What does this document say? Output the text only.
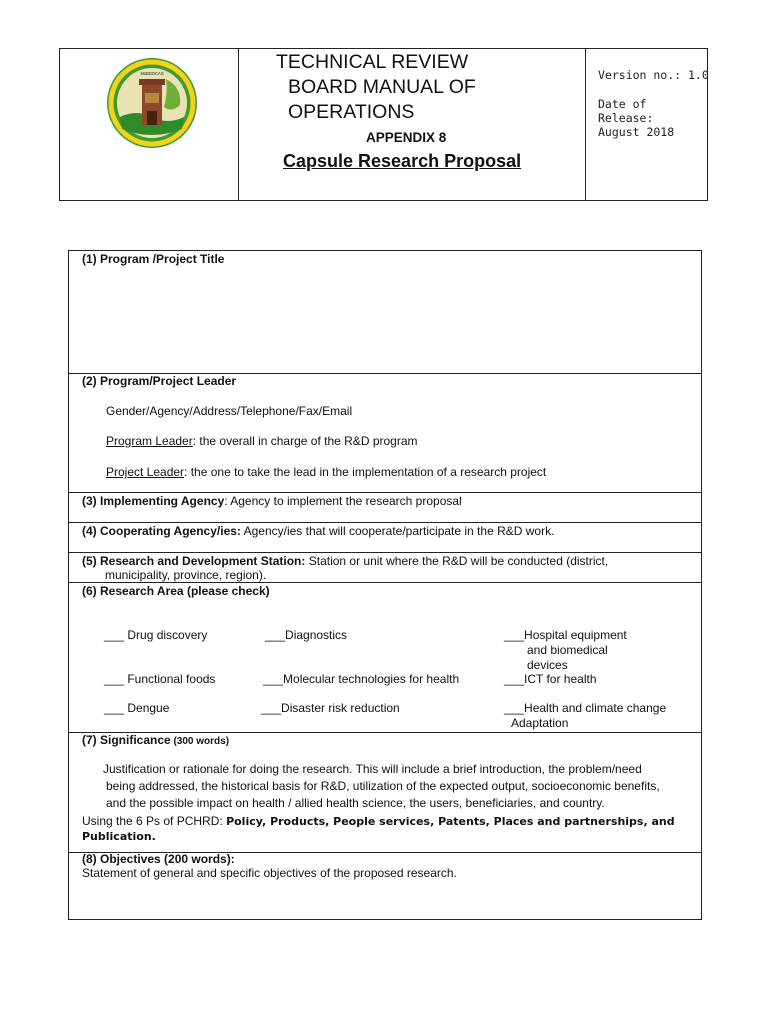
SBBDOCAS
TECHNICAL REVIEW
BOARD MANUAL OF
OPERATIONS
APPENDIX 8
Capsule Research Proposal
Version no.: 1.0
Date of
Release:
August 2018
(1) Program /Project Title
(2) Program/Project Leader
Gender/Agency/Address/Telephone/Fax/Email
Program Leader: the overall in charge of the R&D program
Project Leader: the one to take the lead in the implementation of a research project
(3) Implementing Agency: Agency to implement the research proposal
(4) Cooperating Agency/ies: Agency/ies that will cooperate/participate in the R&D work.
(5) Research and Development Station: Station or unit where the R&D will be conducted (district,
municipality, province, region).
(6) Research Area (please check)
___ Drug discovery	___Diagnostics	___Hospital equipment
and biomedical
devices
___ Functional foods	___Molecular technologies for health	___ICT for health
___ Dengue	___Disaster risk reduction	___Health and climate change
Adaptation
(7) Significance (300 words)
Justification or rationale for doing the research. This will include a brief introduction, the problem/need
being addressed, the historical basis for R&D, utilization of the expected output, socioeconomic benefits,
and the possible impact on health / allied health science, the users, beneficiaries, and country.
Using the 6 Ps of PCHRD: Policy, Products, People services, Patents, Places and partnerships, and
Publication.
(8) Objectives (200 words):
Statement of general and specific objectives of the proposed research.
